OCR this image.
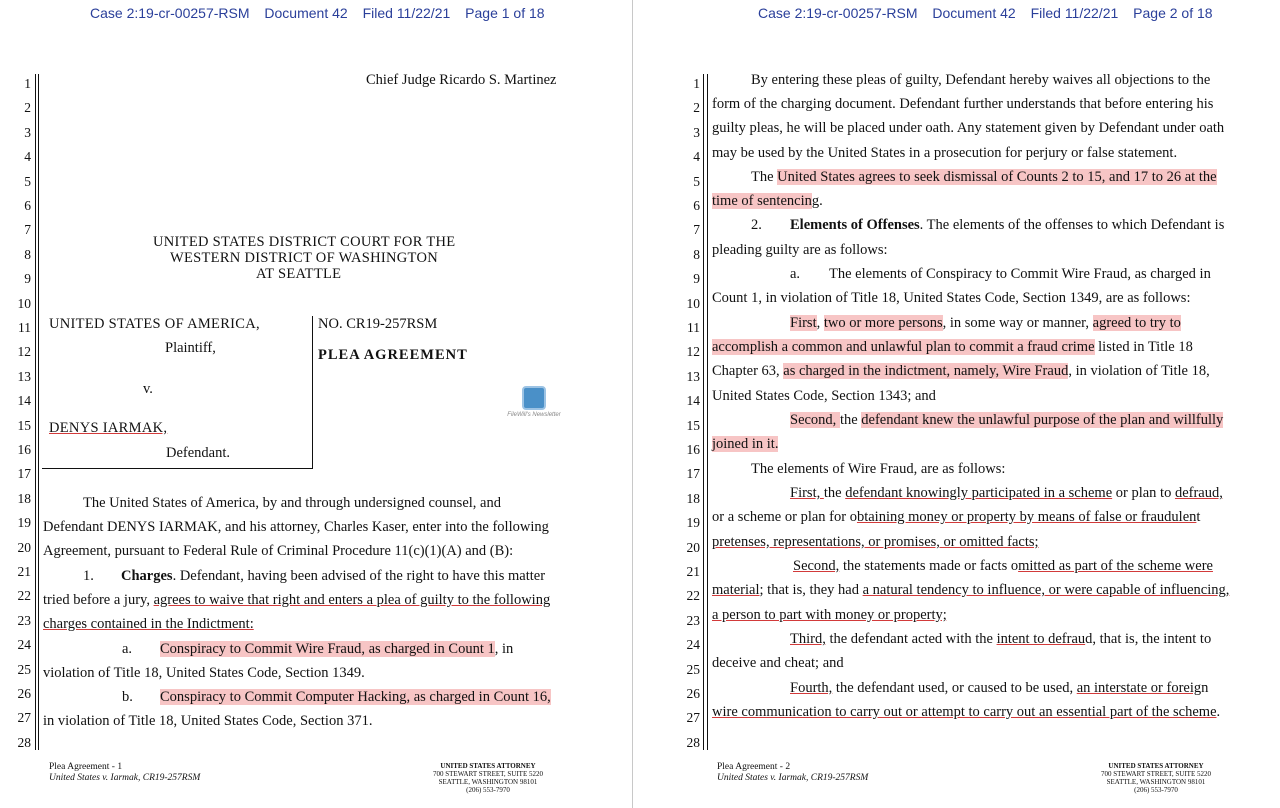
Case 2:19-cr-00257-RSM Document 42 Filed 11/22/21 Page 1 of 18
1
2
3
4
5
6
7
8
9
10
11
12
13
14
15
16
17
18
19
20
21
22
23
24
25
26
27
28
Chief Judge Ricardo S. Martinez
UNITED STATES DISTRICT COURT FOR THE
WESTERN DISTRICT OF WASHINGTON
AT SEATTLE
UNITED STATES OF AMERICA,
Plaintiff,
v.
DENYS IARMAK,
Defendant.
NO. CR19-257RSM
PLEA AGREEMENT
FileWill's Newsletter
The United States of America, by and through undersigned counsel, and
Defendant DENYS IARMAK, and his attorney, Charles Kaser, enter into the following
Agreement, pursuant to Federal Rule of Criminal Procedure 11(c)(1)(A) and (B):
1. Charges. Defendant, having been advised of the right to have this matter
tried before a jury, agrees to waive that right and enters a plea of guilty to the following
charges contained in the Indictment:
a. Conspiracy to Commit Wire Fraud, as charged in Count 1, in
violation of Title 18, United States Code, Section 1349.
b. Conspiracy to Commit Computer Hacking, as charged in Count 16,
in violation of Title 18, United States Code, Section 371.
Plea Agreement - 1
United States v. Iarmak, CR19-257RSM
UNITED STATES ATTORNEY
700 STEWART STREET, SUITE 5220
SEATTLE, WASHINGTON 98101
(206) 553-7970
Case 2:19-cr-00257-RSM Document 42 Filed 11/22/21 Page 2 of 18
1
2
3
4
5
6
7
8
9
10
11
12
13
14
15
16
17
18
19
20
21
22
23
24
25
26
27
28
By entering these pleas of guilty, Defendant hereby waives all objections to the
form of the charging document. Defendant further understands that before entering his
guilty pleas, he will be placed under oath. Any statement given by Defendant under oath
may be used by the United States in a prosecution for perjury or false statement.
The United States agrees to seek dismissal of Counts 2 to 15, and 17 to 26 at the
time of sentencing.
2. Elements of Offenses. The elements of the offenses to which Defendant is
pleading guilty are as follows:
a. The elements of Conspiracy to Commit Wire Fraud, as charged in
Count 1, in violation of Title 18, United States Code, Section 1349, are as follows:
First, two or more persons, in some way or manner, agreed to try to
accomplish a common and unlawful plan to commit a fraud crime listed in Title 18
Chapter 63, as charged in the indictment, namely, Wire Fraud, in violation of Title 18,
United States Code, Section 1343; and
Second, the defendant knew the unlawful purpose of the plan and willfully
joined in it.
The elements of Wire Fraud, are as follows:
First, the defendant knowingly participated in a scheme or plan to defraud,
or a scheme or plan for obtaining money or property by means of false or fraudulent
pretenses, representations, or promises, or omitted facts;
Second, the statements made or facts omitted as part of the scheme were
material; that is, they had a natural tendency to influence, or were capable of influencing,
a person to part with money or property;
Third, the defendant acted with the intent to defraud, that is, the intent to
deceive and cheat; and
Fourth, the defendant used, or caused to be used, an interstate or foreign
wire communication to carry out or attempt to carry out an essential part of the scheme.
Plea Agreement - 2
United States v. Iarmak, CR19-257RSM
UNITED STATES ATTORNEY
700 STEWART STREET, SUITE 5220
SEATTLE, WASHINGTON 98101
(206) 553-7970
